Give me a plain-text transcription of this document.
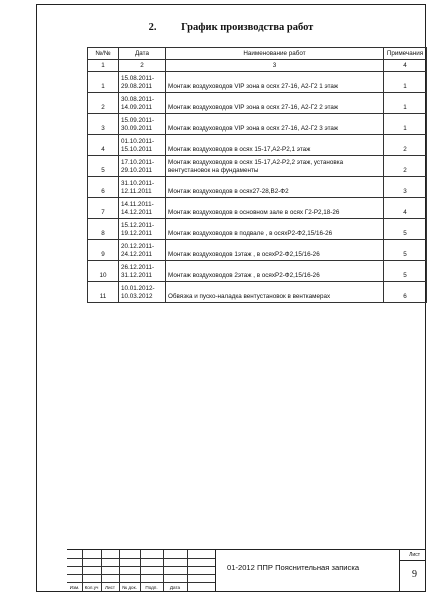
2. График производства работ
№/№	Дата	Наименование работ	Примечания
1	2	3	4
1	15.08.2011-29.08.2011	Монтаж воздуховодов VIP зона в осях 27-16, А2-Г2 1 этаж	1
2	30.08.2011-14.09.2011	Монтаж воздуховодов VIP зона в осях 27-16, А2-Г2 2 этаж	1
3	15.09.2011-30.09.2011	Монтаж воздуховодов VIP зона в осях 27-16, А2-Г2 3 этаж	1
4	01.10.2011-15.10.2011	Монтаж воздуховодов в осях 15-17,А2-Р2,1 этаж	2
5	17.10.2011-29.10.2011	Монтаж воздуховодов в осях 15-17,А2-Р2,2 этаж, установка вентустановок на фундаменты	2
6	31.10.2011-12.11.2011	Монтаж воздуховодов в осях27-28,В2-Ф2	3
7	14.11.2011-14.12.2011	Монтаж воздуховодов в основном зале в осях Г2-Р2,18-26	4
8	15.12.2011-19.12.2011	Монтаж воздуховодов в подвале , в осяхР2-Ф2,15/16-26	5
9	20.12.2011-24.12.2011	Монтаж воздуховодов 1этаж , в осяхР2-Ф2,15/16-26	5
10	26.12.2011-31.12.2011	Монтаж воздуховодов 2этаж , в осяхР2-Ф2,15/16-26	5
11	10.01.2012-10.03.2012	Обвязка и пуско-наладка вентустановок в венткамерах	6
Изм.	Кол.уч	Лист	№ док.	Подп.	Дата
01-2012 ППР Пояснительная записка
Лист
9
